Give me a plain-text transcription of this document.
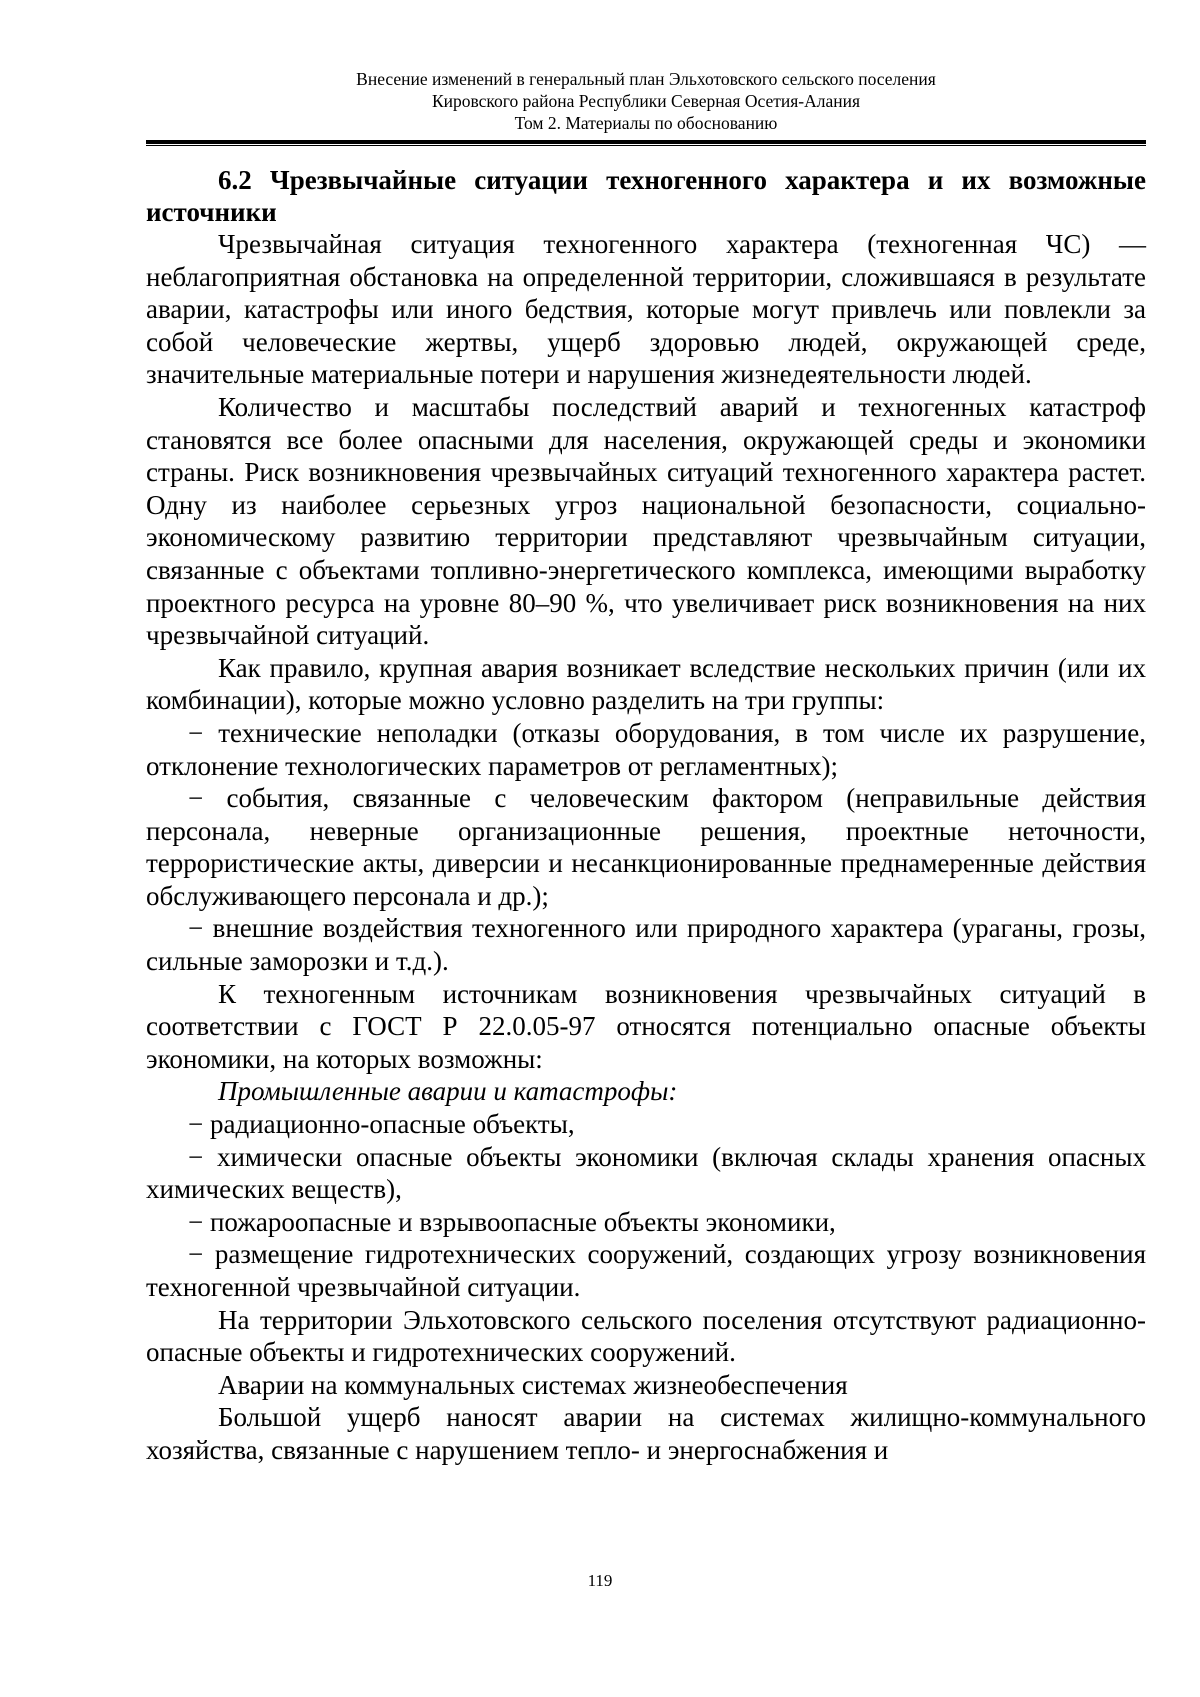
Внесение изменений в генеральный план Эльхотовского сельского поселения
Кировского района Республики Северная Осетия-Алания
Том 2. Материалы по обоснованию
6.2 Чрезвычайные ситуации техногенного характера и их возможные источники

Чрезвычайная ситуация техногенного характера (техногенная ЧС) — неблагоприятная обстановка на определенной территории, сложившаяся в результате аварии, катастрофы или иного бедствия, которые могут привлечь или повлекли за собой человеческие жертвы, ущерб здоровью людей, окружающей среде, значительные материальные потери и нарушения жизнедеятельности людей.

Количество и масштабы последствий аварий и техногенных катастроф становятся все более опасными для населения, окружающей среды и экономики страны. Риск возникновения чрезвычайных ситуаций техногенного характера растет. Одну из наиболее серьезных угроз национальной безопасности, социально-экономическому развитию территории представляют чрезвычайным ситуации, связанные с объектами топливно-энергетического комплекса, имеющими выработку проектного ресурса на уровне 80–90 %, что увеличивает риск возникновения на них чрезвычайной ситуаций.

Как правило, крупная авария возникает вследствие нескольких причин (или их комбинации), которые можно условно разделить на три группы:

− технические неполадки (отказы оборудования, в том числе их разрушение, отклонение технологических параметров от регламентных);

− события, связанные с человеческим фактором (неправильные действия персонала, неверные организационные решения, проектные неточности, террористические акты, диверсии и несанкционированные преднамеренные действия обслуживающего персонала и др.);

− внешние воздействия техногенного или природного характера (ураганы, грозы, сильные заморозки и т.д.).

К техногенным источникам возникновения чрезвычайных ситуаций в соответствии с ГОСТ Р 22.0.05-97 относятся потенциально опасные объекты экономики, на которых возможны:

Промышленные аварии и катастрофы:

− радиационно-опасные объекты,

− химически опасные объекты экономики (включая склады хранения опасных химических веществ),

− пожароопасные и взрывоопасные объекты экономики,

− размещение гидротехнических сооружений, создающих угрозу возникновения техногенной чрезвычайной ситуации.

На территории Эльхотовского сельского поселения отсутствуют радиационно-опасные объекты и гидротехнических сооружений.

Аварии на коммунальных системах жизнеобеспечения

Большой ущерб наносят аварии на системах жилищно-коммунального хозяйства, связанные с нарушением тепло- и энергоснабжения и

119
